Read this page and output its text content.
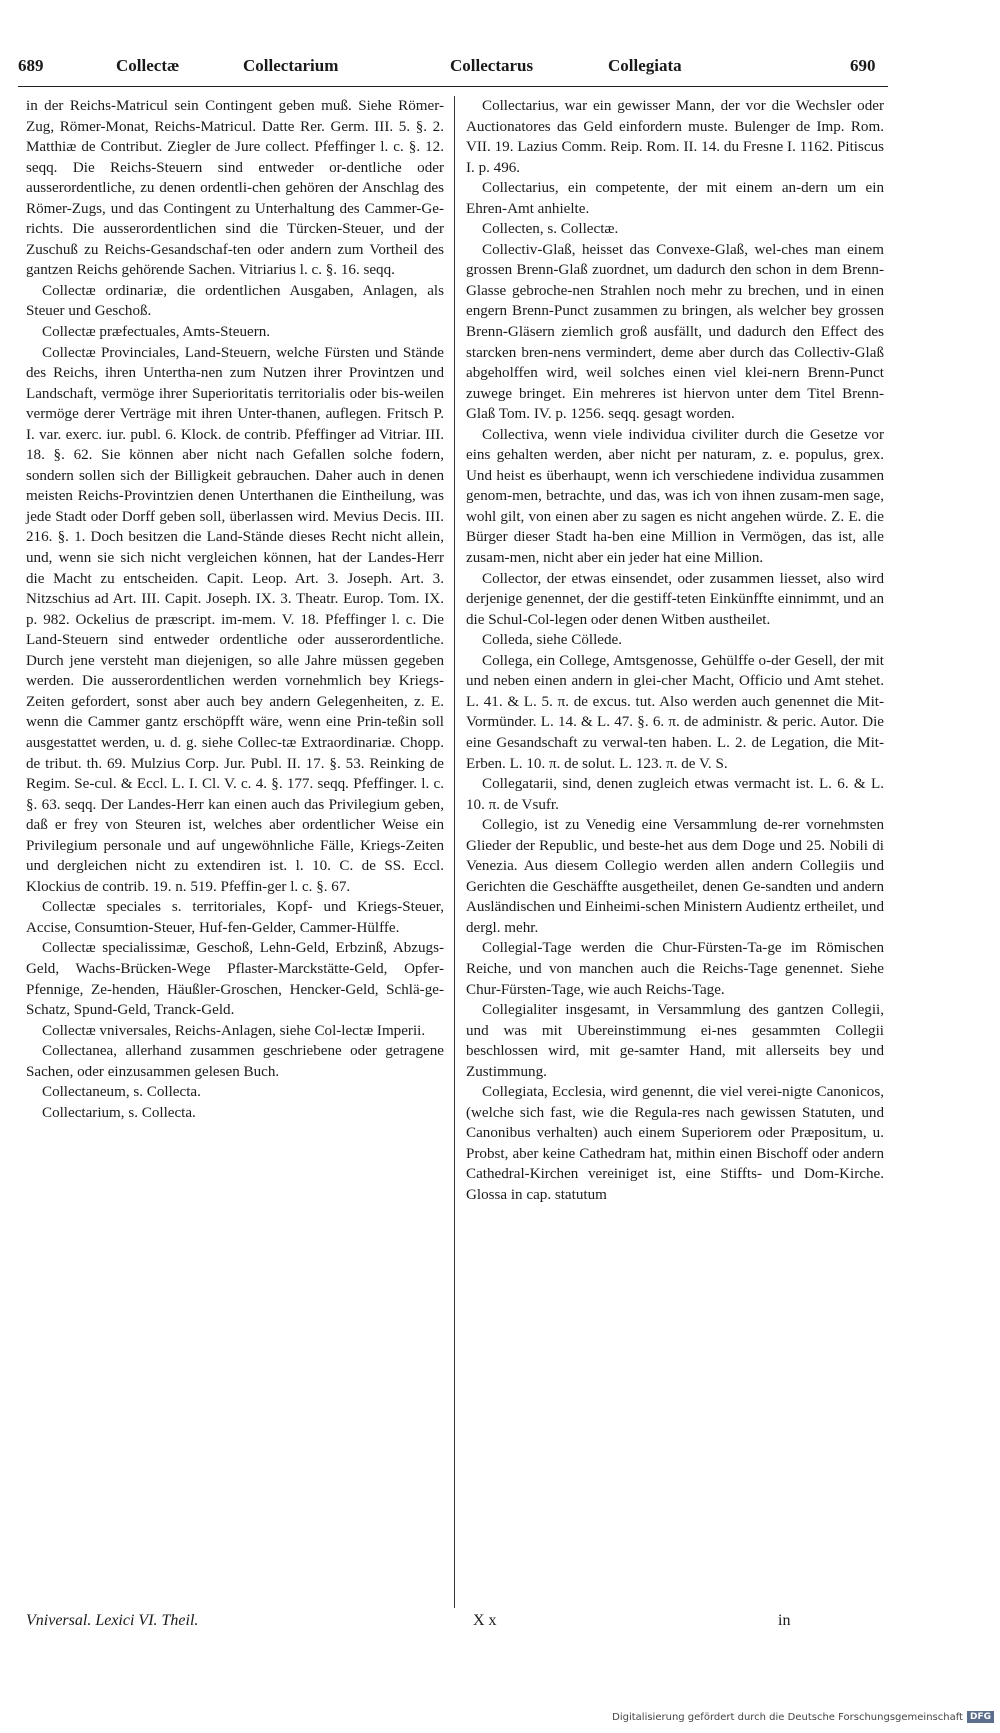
689	Collectæ	Collectarium	Collectarus	Collegiata	690

in der Reichs-Matricul sein Contingent geben muß. Siehe Römer-Zug, Römer-Monat, Reichs-Matricul. Datte Rer. Germ. III. 5. §. 2. Matthiæ de Contribut. Ziegler de Jure collect. Pfeffinger l. c. §. 12. seqq. Die Reichs-Steuern sind entweder or-dentliche oder ausserordentliche, zu denen ordentli-chen gehören der Anschlag des Römer-Zugs, und das Contingent zu Unterhaltung des Cammer-Ge-richts. Die ausserordentlichen sind die Türcken-Steuer, und der Zuschuß zu Reichs-Gesandschaf-ten oder andern zum Vortheil des gantzen Reichs gehörende Sachen. Vitriarius l. c. §. 16. seqq.

Collectæ ordinariæ, die ordentlichen Ausgaben, Anlagen, als Steuer und Geschoß.

Collectæ præfectuales, Amts-Steuern.

Collectæ Provinciales, Land-Steuern, welche Fürsten und Stände des Reichs, ihren Untertha-nen zum Nutzen ihrer Provintzen und Landschaft, vermöge ihrer Superioritatis territorialis oder bis-weilen vermöge derer Verträge mit ihren Unter-thanen, auflegen. Fritsch P. I. var. exerc. iur. publ. 6. Klock. de contrib. Pfeffinger ad Vitriar. III. 18. §. 62. Sie können aber nicht nach Gefallen solche fodern, sondern sollen sich der Billigkeit gebrauchen. Daher auch in denen meisten Reichs-Provintzien denen Unterthanen die Eintheilung, was jede Stadt oder Dorff geben soll, überlassen wird. Mevius Decis. III. 216. §. 1. Doch besitzen die Land-Stände dieses Recht nicht allein, und, wenn sie sich nicht vergleichen können, hat der Landes-Herr die Macht zu entscheiden. Capit. Leop. Art. 3. Joseph. Art. 3. Nitzschius ad Art. III. Capit. Joseph. IX. 3. Theatr. Europ. Tom. IX. p. 982. Ockelius de præscript. im-mem. V. 18. Pfeffinger l. c. Die Land-Steuern sind entweder ordentliche oder ausserordentliche. Durch jene versteht man diejenigen, so alle Jahre müssen gegeben werden. Die ausserordentlichen werden vornehmlich bey Kriegs-Zeiten gefordert, sonst aber auch bey andern Gelegenheiten, z. E. wenn die Cammer gantz erschöpfft wäre, wenn eine Prin-teßin soll ausgestattet werden, u. d. g. siehe Collec-tæ Extraordinariæ. Chopp. de tribut. th. 69. Mulzius Corp. Jur. Publ. II. 17. §. 53. Reinking de Regim. Se-cul. & Eccl. L. I. Cl. V. c. 4. §. 177. seqq. Pfeffinger. l. c. §. 63. seqq. Der Landes-Herr kan einen auch das Privilegium geben, daß er frey von Steuren ist, welches aber ordentlicher Weise ein Privilegium personale und auf ungewöhnliche Fälle, Kriegs-Zeiten und dergleichen nicht zu extendiren ist. l. 10. C. de SS. Eccl. Klockius de contrib. 19. n. 519. Pfeffin-ger l. c. §. 67.

Collectæ speciales s. territoriales, Kopf- und Kriegs-Steuer, Accise, Consumtion-Steuer, Huf-fen-Gelder, Cammer-Hülffe.

Collectæ specialissimæ, Geschoß, Lehn-Geld, Erbzinß, Abzugs-Geld, Wachs-Brücken-Wege Pflaster-Marckstätte-Geld, Opfer-Pfennige, Ze-henden, Häußler-Groschen, Hencker-Geld, Schlä-ge-Schatz, Spund-Geld, Tranck-Geld.

Collectæ vniversales, Reichs-Anlagen, siehe Col-lectæ Imperii.

Collectanea, allerhand zusammen geschriebene oder getragene Sachen, oder einzusammen gelesen Buch.

Collectaneum, s. Collecta.

Collectarium, s. Collecta.

Collectarius, war ein gewisser Mann, der vor die Wechsler oder Auctionatores das Geld einfordern muste. Bulenger de Imp. Rom. VII. 19. Lazius Comm. Reip. Rom. II. 14. du Fresne I. 1162. Pitiscus I. p. 496.

Collectarius, ein competente, der mit einem an-dern um ein Ehren-Amt anhielte.

Collecten, s. Collectæ.

Collectiv-Glaß, heisset das Convexe-Glaß, wel-ches man einem grossen Brenn-Glaß zuordnet, um dadurch den schon in dem Brenn-Glasse gebroche-nen Strahlen noch mehr zu brechen, und in einen engern Brenn-Punct zusammen zu bringen, als welcher bey grossen Brenn-Gläsern ziemlich groß ausfällt, und dadurch den Effect des starcken bren-nens vermindert, deme aber durch das Collectiv-Glaß abgeholffen wird, weil solches einen viel klei-nern Brenn-Punct zuwege bringet. Ein mehreres ist hiervon unter dem Titel Brenn-Glaß Tom. IV. p. 1256. seqq. gesagt worden.

Collectiva, wenn viele individua civiliter durch die Gesetze vor eins gehalten werden, aber nicht per naturam, z. e. populus, grex. Und heist es überhaupt, wenn ich verschiedene individua zusammen genom-men, betrachte, und das, was ich von ihnen zusam-men sage, wohl gilt, von einen aber zu sagen es nicht angehen würde. Z. E. die Bürger dieser Stadt ha-ben eine Million in Vermögen, das ist, alle zusam-men, nicht aber ein jeder hat eine Million.

Collector, der etwas einsendet, oder zusammen liesset, also wird derjenige genennet, der die gestiff-teten Einkünffte einnimmt, und an die Schul-Col-legen oder denen Witben austheilet.

Colleda, siehe Cöllede.

Collega, ein College, Amtsgenosse, Gehülffe o-der Gesell, der mit und neben einen andern in glei-cher Macht, Officio und Amt stehet. L. 41. & L. 5. π. de excus. tut. Also werden auch genennet die Mit-Vormünder. L. 14. & L. 47. §. 6. π. de administr. & peric. Autor. Die eine Gesandschaft zu verwal-ten haben. L. 2. de Legation, die Mit-Erben. L. 10. π. de solut. L. 123. π. de V. S.

Collegatarii, sind, denen zugleich etwas vermacht ist. L. 6. & L. 10. π. de Vsufr.

Collegio, ist zu Venedig eine Versammlung de-rer vornehmsten Glieder der Republic, und beste-het aus dem Doge und 25. Nobili di Venezia. Aus diesem Collegio werden allen andern Collegiis und Gerichten die Geschäffte ausgetheilet, denen Ge-sandten und andern Ausländischen und Einheimi-schen Ministern Audientz ertheilet, und dergl. mehr.

Collegial-Tage werden die Chur-Fürsten-Ta-ge im Römischen Reiche, und von manchen auch die Reichs-Tage genennet. Siehe Chur-Fürsten-Tage, wie auch Reichs-Tage.

Collegialiter insgesamt, in Versammlung des gantzen Collegii, und was mit Ubereinstimmung ei-nes gesammten Collegii beschlossen wird, mit ge-samter Hand, mit allerseits bey und Zustimmung.

Collegiata, Ecclesia, wird genennt, die viel verei-nigte Canonicos, (welche sich fast, wie die Regula-res nach gewissen Statuten, und Canonibus verhalten) auch einem Superiorem oder Præpositum, u. Probst, aber keine Cathedram hat, mithin einen Bischoff oder andern Cathedral-Kirchen vereiniget ist, eine Stiffts- und Dom-Kirche. Glossa in cap. statutum

Vniversal. Lexici VI. Theil.	X x	in
Digitalisierung gefördert durch die Deutsche Forschungsgemeinschaft DFG
